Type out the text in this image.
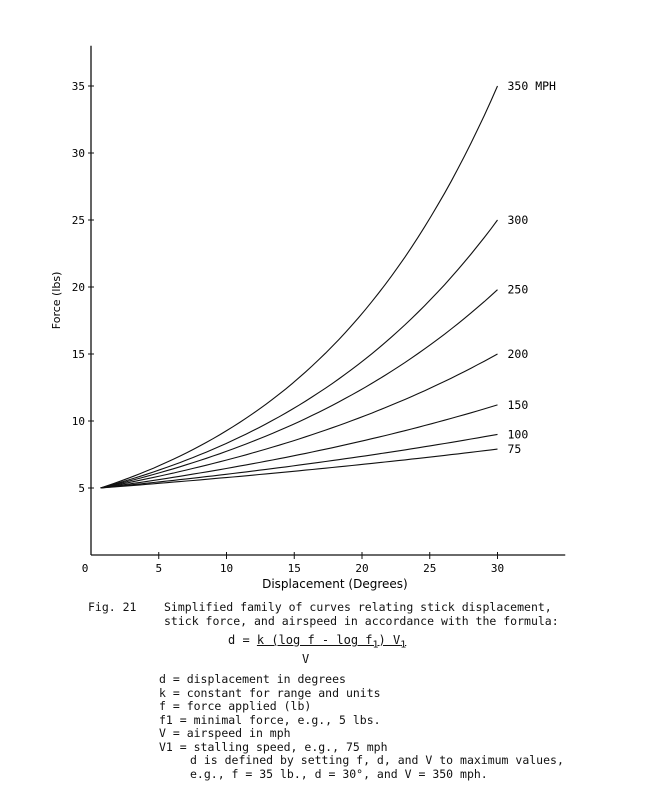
5
10
15
20
25
30
35
5	10	15	20	25	30
0
Displacement (Degrees)
Force (lbs)
350 MPH
300
250
200
150
100
75
Fig. 21 Simplified family of curves relating stick displacement,
stick force, and airspeed in accordance with the formula:
d = k (log f - $\log f_1$) $V_1$
V
d = displacement in degrees
k = constant for range and units
f = force applied (lb)
f1 = minimal force, e.g., 5 lbs.
V = airspeed in mph
V1 = stalling speed, e.g., 75 mph
d is defined by setting f, d, and V to maximum values,
e.g., f = 35 lb., d = 30°, and V = 350 mph.
